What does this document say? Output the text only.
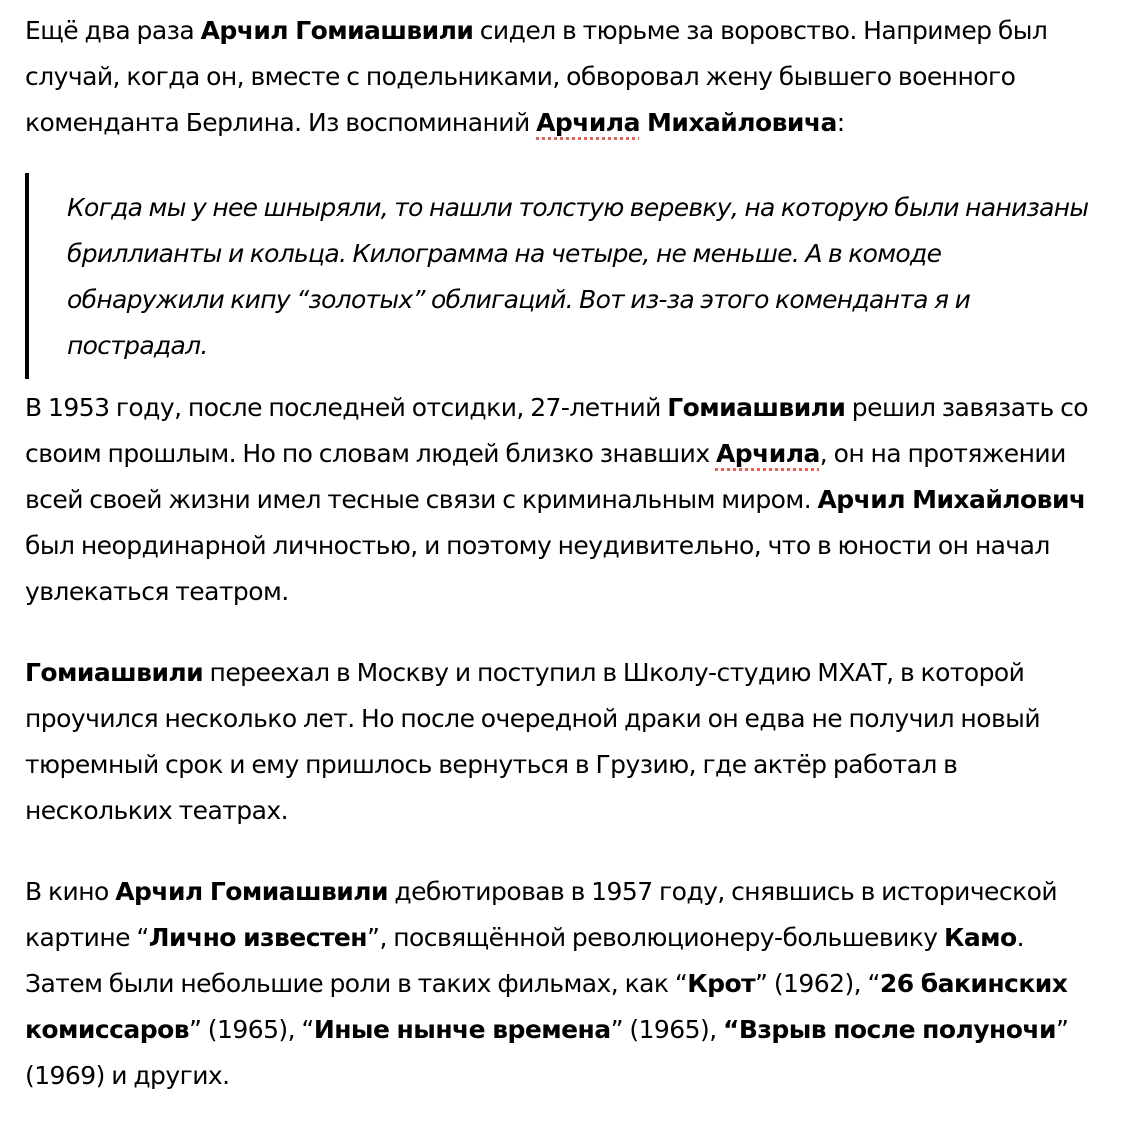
Ещё два раза Арчил Гомиашвили сидел в тюрьме за воровство. Например был случай, когда он, вместе с подельниками, обворовал жену бывшего военного коменданта Берлина. Из воспоминаний Арчила Михайловича:

Когда мы у нее шныряли, то нашли толстую веревку, на которую были нанизаны бриллианты и кольца. Килограмма на четыре, не меньше. А в комоде обнаружили кипу “золотых” облигаций. Вот из-за этого коменданта я и пострадал.

В 1953 году, после последней отсидки, 27-летний Гомиашвили решил завязать со своим прошлым. Но по словам людей близко знавших Арчила, он на протяжении всей своей жизни имел тесные связи с криминальным миром. Арчил Михайлович был неординарной личностью, и поэтому неудивительно, что в юности он начал увлекаться театром.

Гомиашвили переехал в Москву и поступил в Школу-студию МХАТ, в которой проучился несколько лет. Но после очередной драки он едва не получил новый тюремный срок и ему пришлось вернуться в Грузию, где актёр работал в нескольких театрах.

В кино Арчил Гомиашвили дебютировав в 1957 году, снявшись в исторической картине “Лично известен”, посвящённой революционеру-большевику Камо. Затем были небольшие роли в таких фильмах, как “Крот” (1962), “26 бакинских комиссаров” (1965), “Иные нынче времена” (1965), “Взрыв после полуночи” (1969) и других.
